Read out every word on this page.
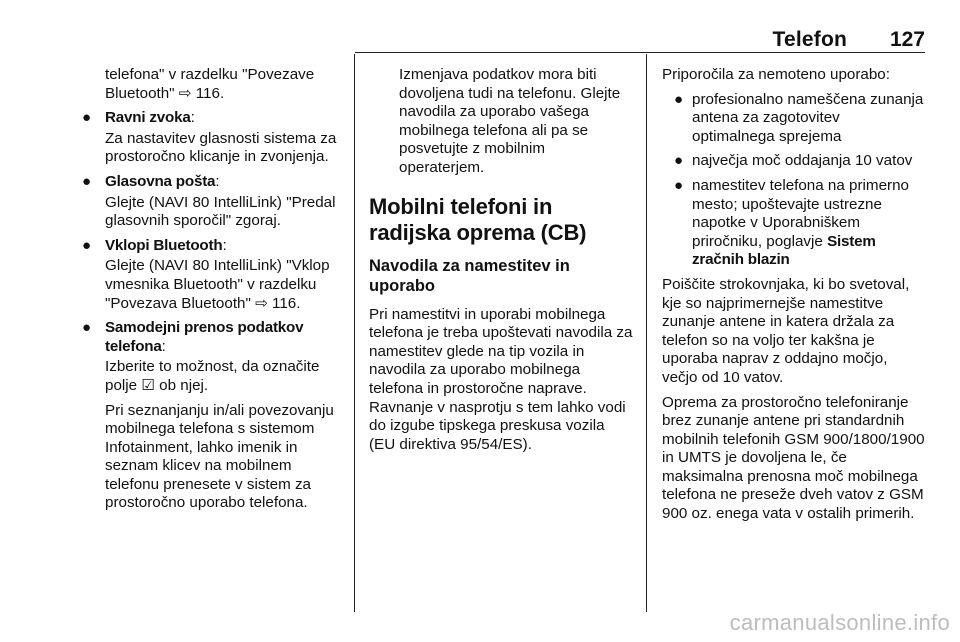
Telefon 127

telefona" v razdelku "Povezave
Bluetooth" ⇨ 116.

● Ravni zvoka:

Za nastavitev glasnosti sistema za prostoročno klicanje in zvonjenja.

● Glasovna pošta:

Glejte (NAVI 80 IntelliLink) "Predal glasovnih sporočil" zgoraj.

● Vklopi Bluetooth:

Glejte (NAVI 80 IntelliLink) "Vklop vmesnika Bluetooth" v razdelku "Povezava Bluetooth" ⇨ 116.

● Samodejni prenos podatkov telefona:

Izberite to možnost, da označite polje ☑ ob njej.

Pri seznanjanju in/ali povezovanju mobilnega telefona s sistemom Infotainment, lahko imenik in seznam klicev na mobilnem telefonu prenesete v sistem za prostoročno uporabo telefona.

Izmenjava podatkov mora biti dovoljena tudi na telefonu. Glejte navodila za uporabo vašega mobilnega telefona ali pa se posvetujte z mobilnim operaterjem.

Mobilni telefoni in radijska oprema (CB)
Navodila za namestitev in uporabo

Pri namestitvi in uporabi mobilnega telefona je treba upoštevati navodila za namestitev glede na tip vozila in navodila za uporabo mobilnega telefona in prostoročne naprave. Ravnanje v nasprotju s tem lahko vodi do izgube tipskega preskusa vozila (EU direktiva 95/54/ES).

Priporočila za nemoteno uporabo:

● profesionalno nameščena zunanja antena za zagotovitev optimalnega sprejema
● največja moč oddajanja 10 vatov
● namestitev telefona na primerno mesto; upoštevajte ustrezne napotke v Uporabniškem priročniku, poglavje Sistem zračnih blazin

Poiščite strokovnjaka, ki bo svetoval, kje so najprimernejše namestitve zunanje antene in katera držala za telefon so na voljo ter kakšna je uporaba naprav z oddajno močjo, večjo od 10 vatov.

Oprema za prostoročno telefoniranje brez zunanje antene pri standardnih mobilnih telefonih GSM 900/1800/1900 in UMTS je dovoljena le, če maksimalna prenosna moč mobilnega telefona ne preseže dveh vatov z GSM 900 oz. enega vata v ostalih primerih.

carmanualsonline.info
